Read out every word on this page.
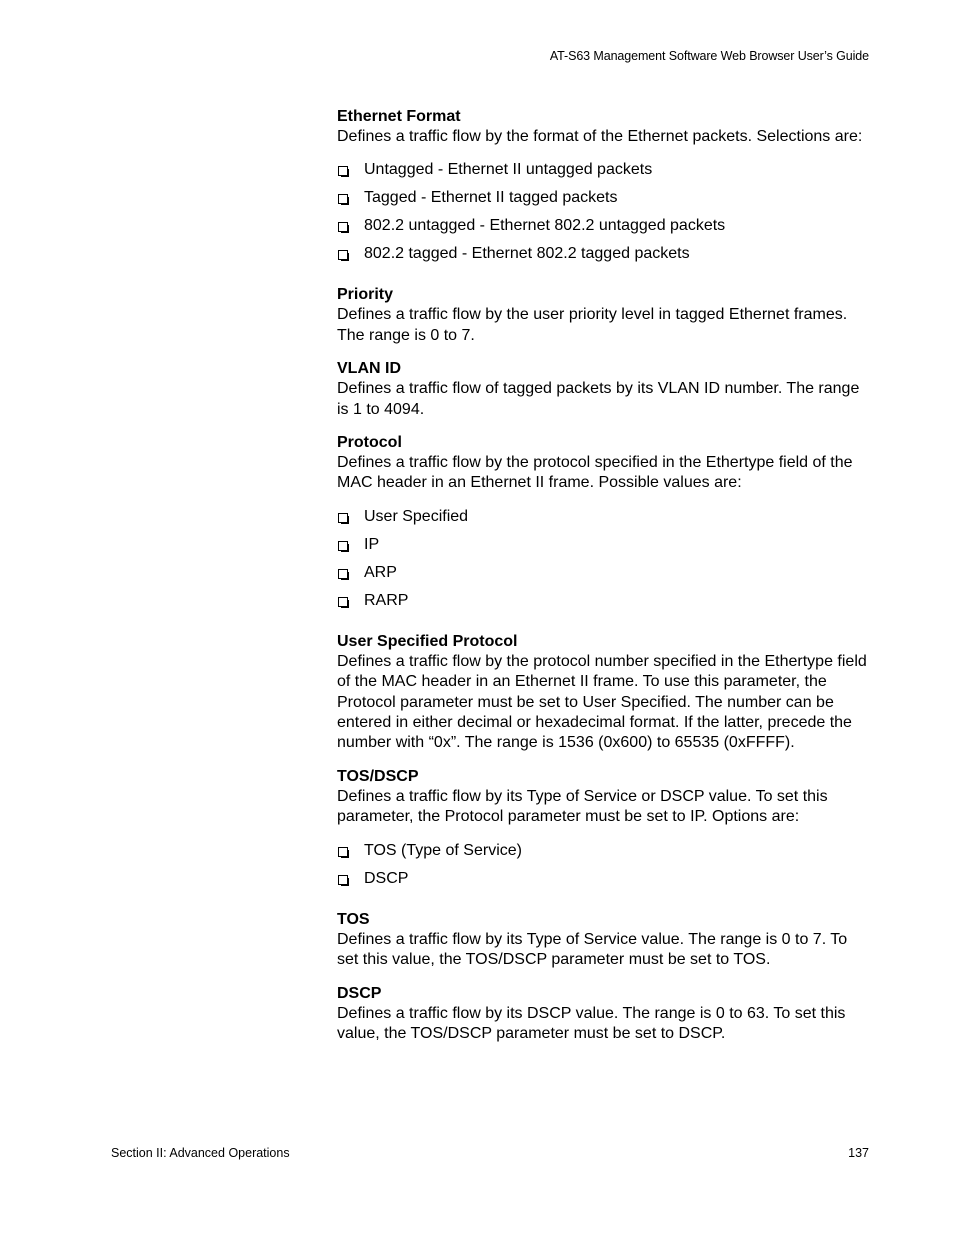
AT-S63 Management Software Web Browser User’s Guide
Ethernet Format
Defines a traffic flow by the format of the Ethernet packets. Selections are:
Untagged - Ethernet II untagged packets
Tagged - Ethernet II tagged packets
802.2 untagged - Ethernet 802.2 untagged packets
802.2 tagged - Ethernet 802.2 tagged packets
Priority
Defines a traffic flow by the user priority level in tagged Ethernet frames. The range is 0 to 7.
VLAN ID
Defines a traffic flow of tagged packets by its VLAN ID number. The range is 1 to 4094.
Protocol
Defines a traffic flow by the protocol specified in the Ethertype field of the MAC header in an Ethernet II frame. Possible values are:
User Specified
IP
ARP
RARP
User Specified Protocol
Defines a traffic flow by the protocol number specified in the Ethertype field of the MAC header in an Ethernet II frame. To use this parameter, the Protocol parameter must be set to User Specified. The number can be entered in either decimal or hexadecimal format. If the latter, precede the number with “0x”. The range is 1536 (0x600) to 65535 (0xFFFF).
TOS/DSCP
Defines a traffic flow by its Type of Service or DSCP value. To set this parameter, the Protocol parameter must be set to IP. Options are:
TOS (Type of Service)
DSCP
TOS
Defines a traffic flow by its Type of Service value. The range is 0 to 7. To set this value, the TOS/DSCP parameter must be set to TOS.
DSCP
Defines a traffic flow by its DSCP value. The range is 0 to 63. To set this value, the TOS/DSCP parameter must be set to DSCP.
Section II: Advanced Operations	137
